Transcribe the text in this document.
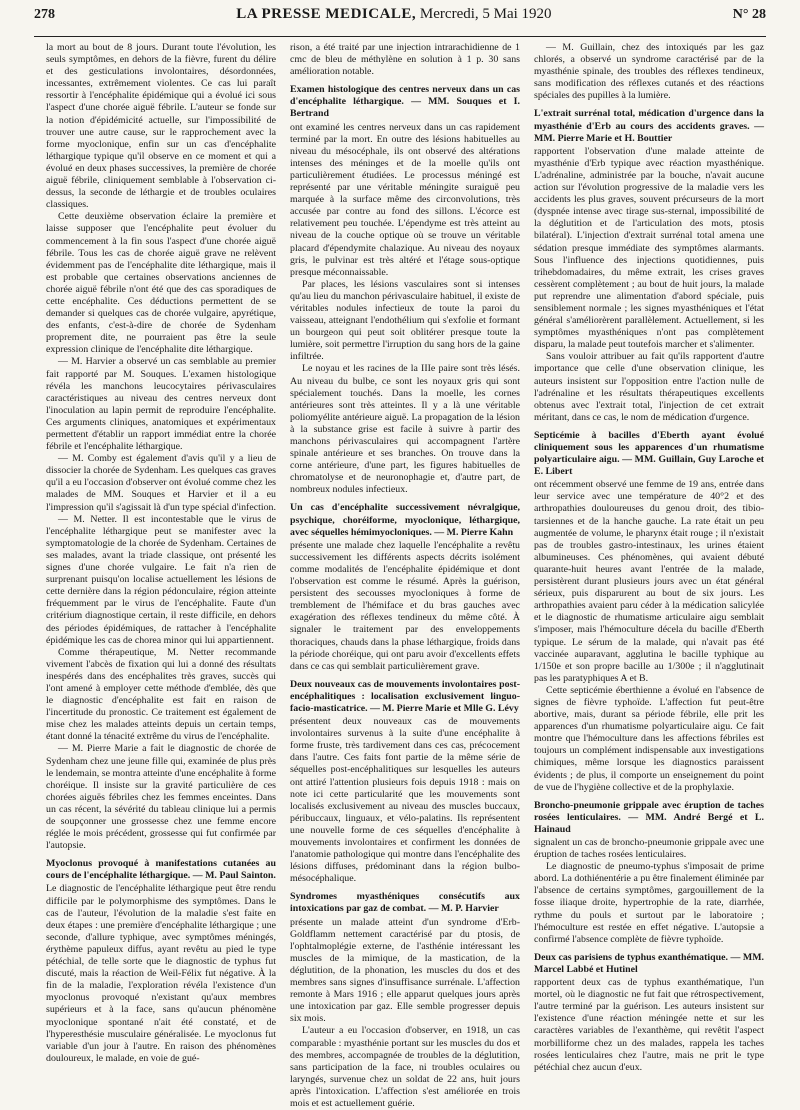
278	LA PRESSE MEDICALE, Mercredi, 5 Mai 1920	N° 28

la mort au bout de 8 jours. Durant toute l'évolution, les seuls symptômes, en dehors de la fièvre, furent du délire et des gesticulations involontaires, désordonnées, incessantes, extrêmement violentes. Ce cas lui paraît ressortir à l'encéphalite épidémique qui a évolué ici sous l'aspect d'une chorée aiguë fébrile. L'auteur se fonde sur la notion d'épidémicité actuelle, sur l'impossibilité de trouver une autre cause, sur le rapprochement avec la forme myoclonique, enfin sur un cas d'encéphalite léthargique typique qu'il observe en ce moment et qui a évolué en deux phases successives, la première de chorée aiguë fébrile, cliniquement semblable à l'observation ci-dessus, la seconde de léthargie et de troubles oculaires classiques.

Cette deuxième observation éclaire la première et laisse supposer que l'encéphalite peut évoluer du commencement à la fin sous l'aspect d'une chorée aiguë fébrile. Tous les cas de chorée aiguë grave ne relèvent évidemment pas de l'encéphalite dite léthargique, mais il est probable que certaines observations anciennes de chorée aiguë fébrile n'ont été que des cas sporadiques de cette encéphalite. Ces déductions permettent de se demander si quelques cas de chorée vulgaire, apyrétique, des enfants, c'est-à-dire de chorée de Sydenham proprement dite, ne pourraient pas être la seule expression clinique de l'encéphalite dite léthargique.

— M. Harvier a observé un cas semblable au premier fait rapporté par M. Souques. L'examen histologique révéla les manchons leucocytaires périvasculaires caractéristiques au niveau des centres nerveux dont l'inoculation au lapin permit de reproduire l'encéphalite. Ces arguments cliniques, anatomiques et expérimentaux permettent d'établir un rapport immédiat entre la chorée fébrile et l'encéphalite léthargique.

— M. Comby est également d'avis qu'il y a lieu de dissocier la chorée de Sydenham. Les quelques cas graves qu'il a eu l'occasion d'observer ont évolué comme chez les malades de MM. Souques et Harvier et il a eu l'impression qu'il s'agissait là d'un type spécial d'infection.

— M. Netter. Il est incontestable que le virus de l'encéphalite léthargique peut se manifester avec la symptomatologie de la chorée de Sydenham. Certaines de ses malades, avant la triade classique, ont présenté les signes d'une chorée vulgaire. Le fait n'a rien de surprenant puisqu'on localise actuellement les lésions de cette dernière dans la région pédonculaire, région atteinte fréquemment par le virus de l'encéphalite. Faute d'un critérium diagnostique certain, il reste difficile, en dehors des périodes épidémiques, de rattacher à l'encéphalite épidémique les cas de chorea minor qui lui appartiennent.

Comme thérapeutique, M. Netter recommande vivement l'abcès de fixation qui lui a donné des résultats inespérés dans des encéphalites très graves, succès qui l'ont amené à employer cette méthode d'emblée, dès que le diagnostic d'encéphalite est fait en raison de l'incertitude du pronostic. Ce traitement est également de mise chez les malades atteints depuis un certain temps, étant donné la ténacité extrême du virus de l'encéphalite.

— M. Pierre Marie a fait le diagnostic de chorée de Sydenham chez une jeune fille qui, examinée de plus près le lendemain, se montra atteinte d'une encéphalite à forme choréique. Il insiste sur la gravité particulière de ces chorées aiguës fébriles chez les femmes enceintes. Dans un cas récent, la sévérité du tableau clinique lui a permis de soupçonner une grossesse chez une femme encore réglée le mois précédent, grossesse qui fut confirmée par l'autopsie.

Myoclonus provoqué à manifestations cutanées au cours de l'encéphalite léthargique. — M. Paul Sainton.

Le diagnostic de l'encéphalite léthargique peut être rendu difficile par le polymorphisme des symptômes. Dans le cas de l'auteur, l'évolution de la maladie s'est faite en deux étapes : une première d'encéphalite léthargique ; une seconde, d'allure typhique, avec symptômes méningés, érythème papuleux diffus, ayant revêtu au pied le type pétéchial, de telle sorte que le diagnostic de typhus fut discuté, mais la réaction de Weil-Félix fut négative. À la fin de la maladie, l'exploration révéla l'existence d'un myoclonus provoqué n'existant qu'aux membres supérieurs et à la face, sans qu'aucun phénomène myoclonique spontané n'ait été constaté, et de l'hyperesthésie musculaire généralisée. Le myoclonus fut variable d'un jour à l'autre. En raison des phénomènes douloureux, le malade, en voie de gué-

rison, a été traité par une injection intrarachidienne de 1 cmc de bleu de méthylène en solution à 1 p. 30 sans amélioration notable.

Examen histologique des centres nerveux dans un cas d'encéphalite léthargique. — MM. Souques et I. Bertrand

ont examiné les centres nerveux dans un cas rapidement terminé par la mort. En outre des lésions habituelles au niveau du mésocéphale, ils ont observé des altérations intenses des méninges et de la moelle qu'ils ont particulièrement étudiées. Le processus méningé est représenté par une véritable méningite suraiguë peu marquée à la surface même des circonvolutions, très accusée par contre au fond des sillons. L'écorce est relativement peu touchée. L'épendyme est très atteint au niveau de la couche optique où se trouve un véritable placard d'épendymite chalazique. Au niveau des noyaux gris, le pulvinar est très altéré et l'étage sous-optique presque méconnaissable.

Par places, les lésions vasculaires sont si intenses qu'au lieu du manchon périvasculaire habituel, il existe de véritables nodules infectieux de toute la paroi du vaisseau, atteignant l'endothélium qui s'exfolie et formant un bourgeon qui peut soit oblitérer presque toute la lumière, soit permettre l'irruption du sang hors de la gaine infiltrée.

Le noyau et les racines de la IIIe paire sont très lésés. Au niveau du bulbe, ce sont les noyaux gris qui sont spécialement touchés. Dans la moelle, les cornes antérieures sont très atteintes. Il y a là une véritable poliomyélite antérieure aiguë. La propagation de la lésion à la substance grise est facile à suivre à partir des manchons périvasculaires qui accompagnent l'artère spinale antérieure et ses branches. On trouve dans la corne antérieure, d'une part, les figures habituelles de chromatolyse et de neuronophagie et, d'autre part, de nombreux nodules infectieux.

Un cas d'encéphalite successivement névralgique, psychique, choréiforme, myoclonique, léthargique, avec séquelles hémimyocloniques. — M. Pierre Kahn

présente une malade chez laquelle l'encéphalite a revêtu successivement les différents aspects décrits isolément comme modalités de l'encéphalite épidémique et dont l'observation est comme le résumé. Après la guérison, persistent des secousses myocloniques à forme de tremblement de l'hémiface et du bras gauches avec exagération des réflexes tendineux du même côté. À signaler le traitement par des enveloppements thoraciques, chauds dans la phase léthargique, froids dans la période choréique, qui ont paru avoir d'excellents effets dans ce cas qui semblait particulièrement grave.

Deux nouveaux cas de mouvements involontaires post-encéphalitiques : localisation exclusivement linguo-facio-masticatrice. — M. Pierre Marie et Mlle G. Lévy

présentent deux nouveaux cas de mouvements involontaires survenus à la suite d'une encéphalite à forme fruste, très tardivement dans ces cas, précocement dans l'autre. Ces faits font partie de la même série de séquelles post-encéphalitiques sur lesquelles les auteurs ont attiré l'attention plusieurs fois depuis 1918 : mais on note ici cette particularité que les mouvements sont localisés exclusivement au niveau des muscles buccaux, péribuccaux, linguaux, et vélo-palatins. Ils représentent une nouvelle forme de ces séquelles d'encéphalite à mouvements involontaires et confirment les données de l'anatomie pathologique qui montre dans l'encéphalite des lésions diffuses, prédominant dans la région bulbo-mésocéphalique.

Syndromes myasthéniques consécutifs aux intoxications par gaz de combat. — M. P. Harvier

présente un malade atteint d'un syndrome d'Erb-Goldflamm nettement caractérisé par du ptosis, de l'ophtalmoplégie externe, de l'asthénie intéressant les muscles de la mimique, de la mastication, de la déglutition, de la phonation, les muscles du dos et des membres sans signes d'insuffisance surrénale. L'affection remonte à Mars 1916 ; elle apparut quelques jours après une intoxication par gaz. Elle semble progresser depuis six mois.

L'auteur a eu l'occasion d'observer, en 1918, un cas comparable : myasthénie portant sur les muscles du dos et des membres, accompagnée de troubles de la déglutition, sans participation de la face, ni troubles oculaires ou laryngés, survenue chez un soldat de 22 ans, huit jours après l'intoxication. L'affection s'est améliorée en trois mois et est actuellement guérie.

— M. Guillain, chez des intoxiqués par les gaz chlorés, a observé un syndrome caractérisé par de la myasthénie spinale, des troubles des réflexes tendineux, sans modification des réflexes cutanés et des réactions spéciales des pupilles à la lumière.

L'extrait surrénal total, médication d'urgence dans la myasthénie d'Erb au cours des accidents graves. — MM. Pierre Marie et H. Bouttier

rapportent l'observation d'une malade atteinte de myasthénie d'Erb typique avec réaction myasthénique. L'adrénaline, administrée par la bouche, n'avait aucune action sur l'évolution progressive de la maladie vers les accidents les plus graves, souvent précurseurs de la mort (dyspnée intense avec tirage sus-sternal, impossibilité de la déglutition et de l'articulation des mots, ptosis bilatéral). L'injection d'extrait surrénal total amena une sédation presque immédiate des symptômes alarmants. Sous l'influence des injections quotidiennes, puis trihebdomadaires, du même extrait, les crises graves cessèrent complètement ; au bout de huit jours, la malade put reprendre une alimentation d'abord spéciale, puis sensiblement normale ; les signes myasthéniques et l'état général s'améliorèrent parallèlement. Actuellement, si les symptômes myasthéniques n'ont pas complètement disparu, la malade peut toutefois marcher et s'alimenter.

Sans vouloir attribuer au fait qu'ils rapportent d'autre importance que celle d'une observation clinique, les auteurs insistent sur l'opposition entre l'action nulle de l'adrénaline et les résultats thérapeutiques excellents obtenus avec l'extrait total, l'injection de cet extrait méritant, dans ce cas, le nom de médication d'urgence.

Septicémie à bacilles d'Eberth ayant évolué cliniquement sous les apparences d'un rhumatisme polyarticulaire aigu. — MM. Guillain, Guy Laroche et E. Libert

ont récemment observé une femme de 19 ans, entrée dans leur service avec une température de 40°2 et des arthropathies douloureuses du genou droit, des tibio-tarsiennes et de la hanche gauche. La rate était un peu augmentée de volume, le pharynx était rouge ; il n'existait pas de troubles gastro-intestinaux, les urines étaient albumineuses. Ces phénomènes, qui avaient débuté quarante-huit heures avant l'entrée de la malade, persistèrent durant plusieurs jours avec un état général sérieux, puis disparurent au bout de six jours. Les arthropathies avaient paru céder à la médication salicylée et le diagnostic de rhumatisme articulaire aigu semblait s'imposer, mais l'hémoculture décela du bacille d'Eberth typique. Le sérum de la malade, qui n'avait pas été vaccinée auparavant, agglutina le bacille typhique au 1/150e et son propre bacille au 1/300e ; il n'agglutinait pas les paratyphiques A et B.

Cette septicémie éberthienne a évolué en l'absence de signes de fièvre typhoïde. L'affection fut peut-être abortive, mais, durant sa période fébrile, elle prit les apparences d'un rhumatisme polyarticulaire aigu. Ce fait montre que l'hémoculture dans les affections fébriles est toujours un complément indispensable aux investigations chimiques, même lorsque les diagnostics paraissent évidents ; de plus, il comporte un enseignement du point de vue de l'hygiène collective et de la prophylaxie.

Broncho-pneumonie grippale avec éruption de taches rosées lenticulaires. — MM. André Bergé et L. Hainaud

signalent un cas de broncho-pneumonie grippale avec une éruption de taches rosées lenticulaires.

Le diagnostic de pneumo-typhus s'imposait de prime abord. La dothiénentérie a pu être finalement éliminée par l'absence de certains symptômes, gargouillement de la fosse iliaque droite, hypertrophie de la rate, diarrhée, rythme du pouls et surtout par le laboratoire ; l'hémoculture est restée en effet négative. L'autopsie a confirmé l'absence complète de fièvre typhoïde.

Deux cas parisiens de typhus exanthématique. — MM. Marcel Labbé et Hutinel

rapportent deux cas de typhus exanthématique, l'un mortel, où le diagnostic ne fut fait que rétrospectivement, l'autre terminé par la guérison. Les auteurs insistent sur l'existence d'une réaction méningée nette et sur les caractères variables de l'exanthème, qui revêtit l'aspect morbilliforme chez un des malades, rappela les taches rosées lenticulaires chez l'autre, mais ne prit le type pétéchial chez aucun d'eux.
